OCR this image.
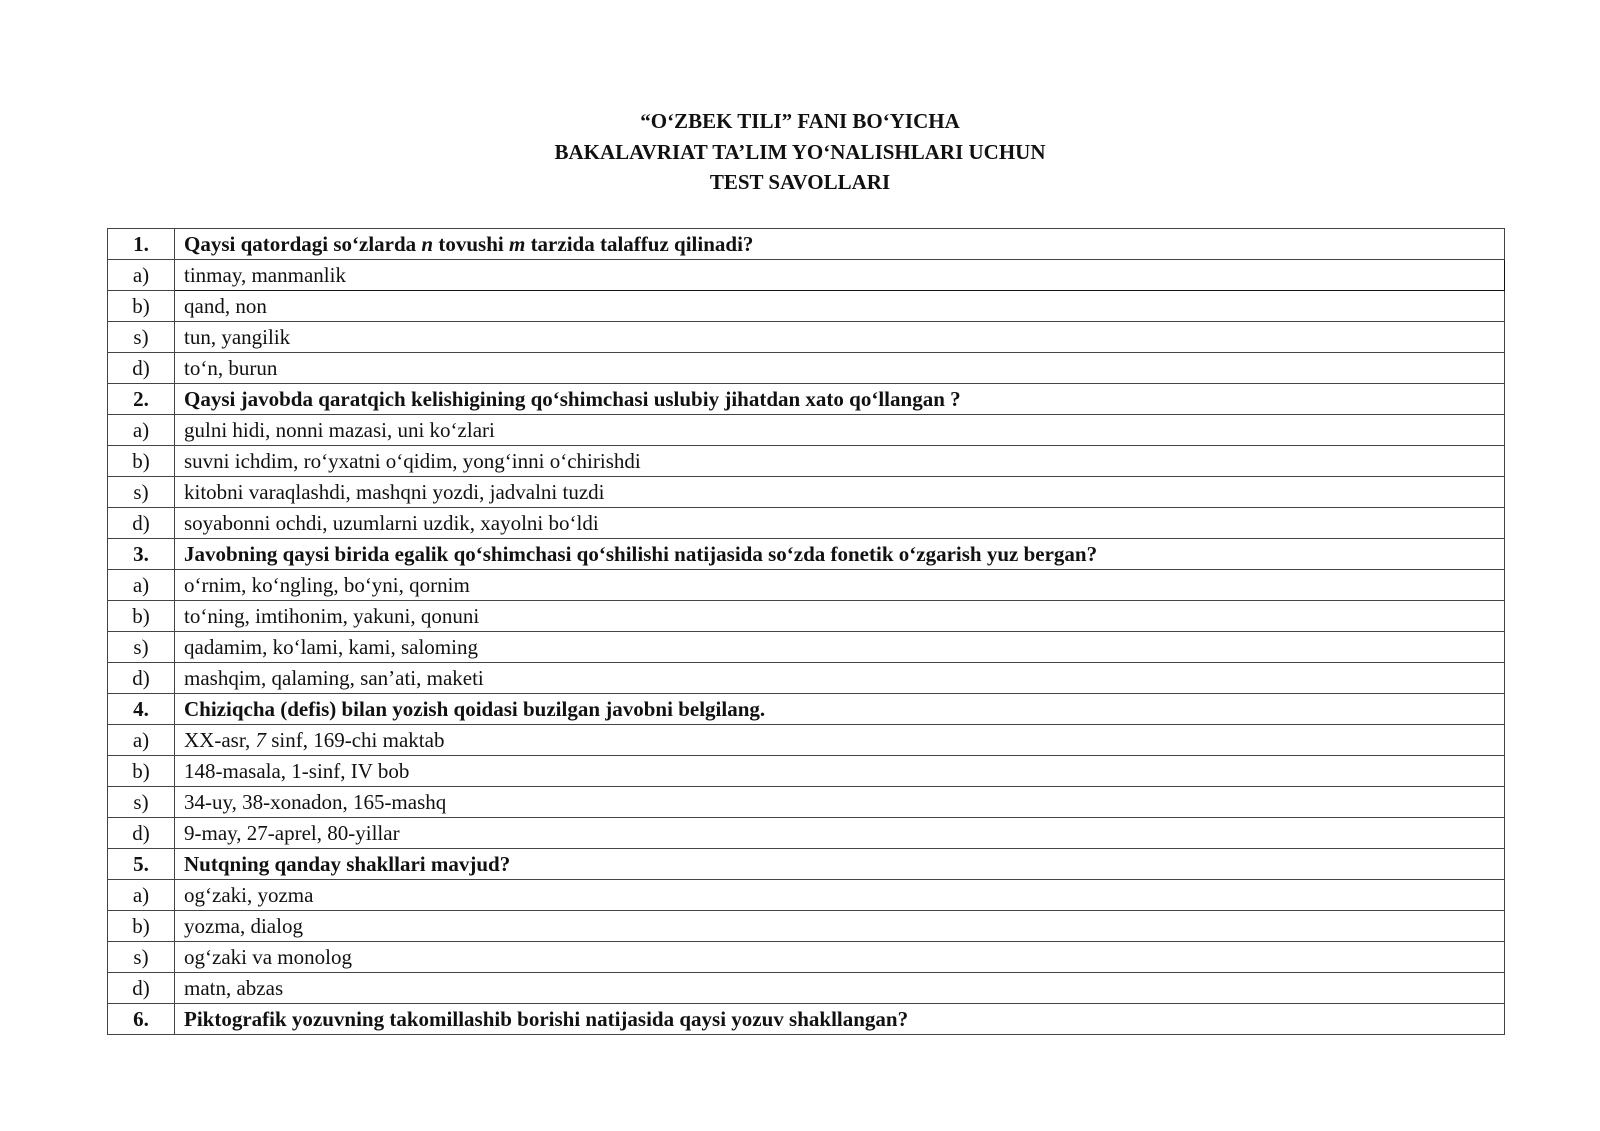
“O‘ZBEK TILI” FANI BO‘YICHA
BAKALAVRIAT TA’LIM YO‘NALISHLARI UCHUN
TEST SAVOLLARI
1.	Qaysi qatordagi so‘zlarda n tovushi m tarzida talaffuz qilinadi?
a)	tinmay, manmanlik
b)	qand, non
s)	tun, yangilik
d)	to‘n, burun
2.	Qaysi javobda qaratqich kelishigining qo‘shimchasi uslubiy jihatdan xato qo‘llangan ?
a)	gulni hidi, nonni mazasi, uni ko‘zlari
b)	suvni ichdim, ro‘yxatni o‘qidim, yong‘inni o‘chirishdi
s)	kitobni varaqlashdi, mashqni yozdi, jadvalni tuzdi
d)	soyabonni ochdi, uzumlarni uzdik, xayolni bo‘ldi
3.	Javobning qaysi birida egalik qo‘shimchasi qo‘shilishi natijasida so‘zda fonetik o‘zgarish yuz bergan?
a)	o‘rnim, ko‘ngling, bo‘yni, qornim
b)	to‘ning, imtihonim, yakuni, qonuni
s)	qadamim, ko‘lami, kami, saloming
d)	mashqim, qalaming, san’ati, maketi
4.	Chiziqcha (defis) bilan yozish qoidasi buzilgan javobni belgilang.
a)	XX-asr, 7 sinf, 169-chi maktab
b)	148-masala, 1-sinf, IV bob
s)	34-uy, 38-xonadon, 165-mashq
d)	9-may, 27-aprel, 80-yillar
5.	Nutqning qanday shakllari mavjud?
a)	og‘zaki, yozma
b)	yozma, dialog
s)	og‘zaki va monolog
d)	matn, abzas
6.	Piktografik yozuvning takomillashib borishi natijasida qaysi yozuv shakllangan?
